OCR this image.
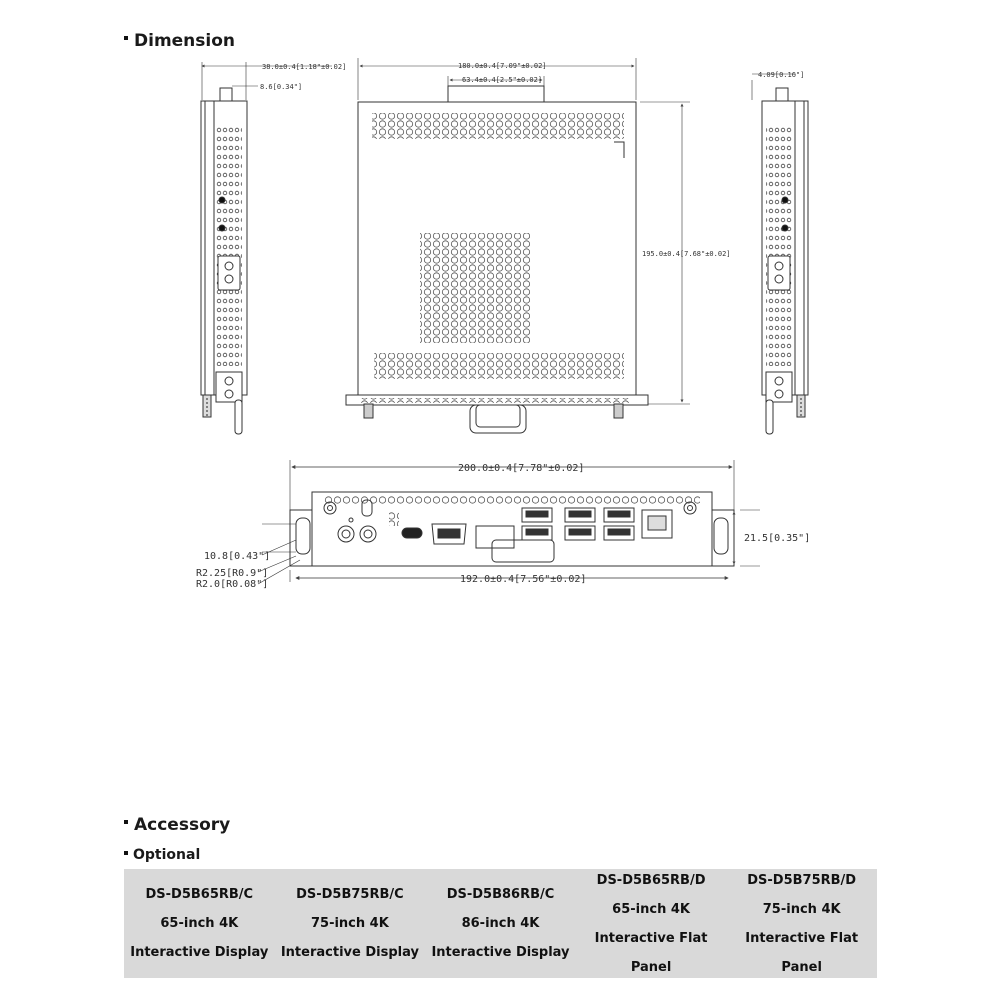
Dimension
38.0±0.4[1.18"±0.02]
8.6[0.34"]
180.0±0.4[7.09"±0.02]
63.4±0.4[2.5"±0.02]
195.0±0.4[7.68"±0.02]
4.09[0.16"]
200.0±0.4[7.78"±0.02]
192.0±0.4[7.56"±0.02]
21.5[0.35"]
10.8[0.43"]
R2.25[R0.9"]
R2.0[R0.08"]
Accessory
Optional
DS-D5B65RB/C
65-inch 4K
Interactive Display
DS-D5B75RB/C
75-inch 4K
Interactive Display
DS-D5B86RB/C
86-inch 4K
Interactive Display
DS-D5B65RB/D
65-inch 4K
Interactive Flat
Panel
DS-D5B75RB/D
75-inch 4K
Interactive Flat
Panel
